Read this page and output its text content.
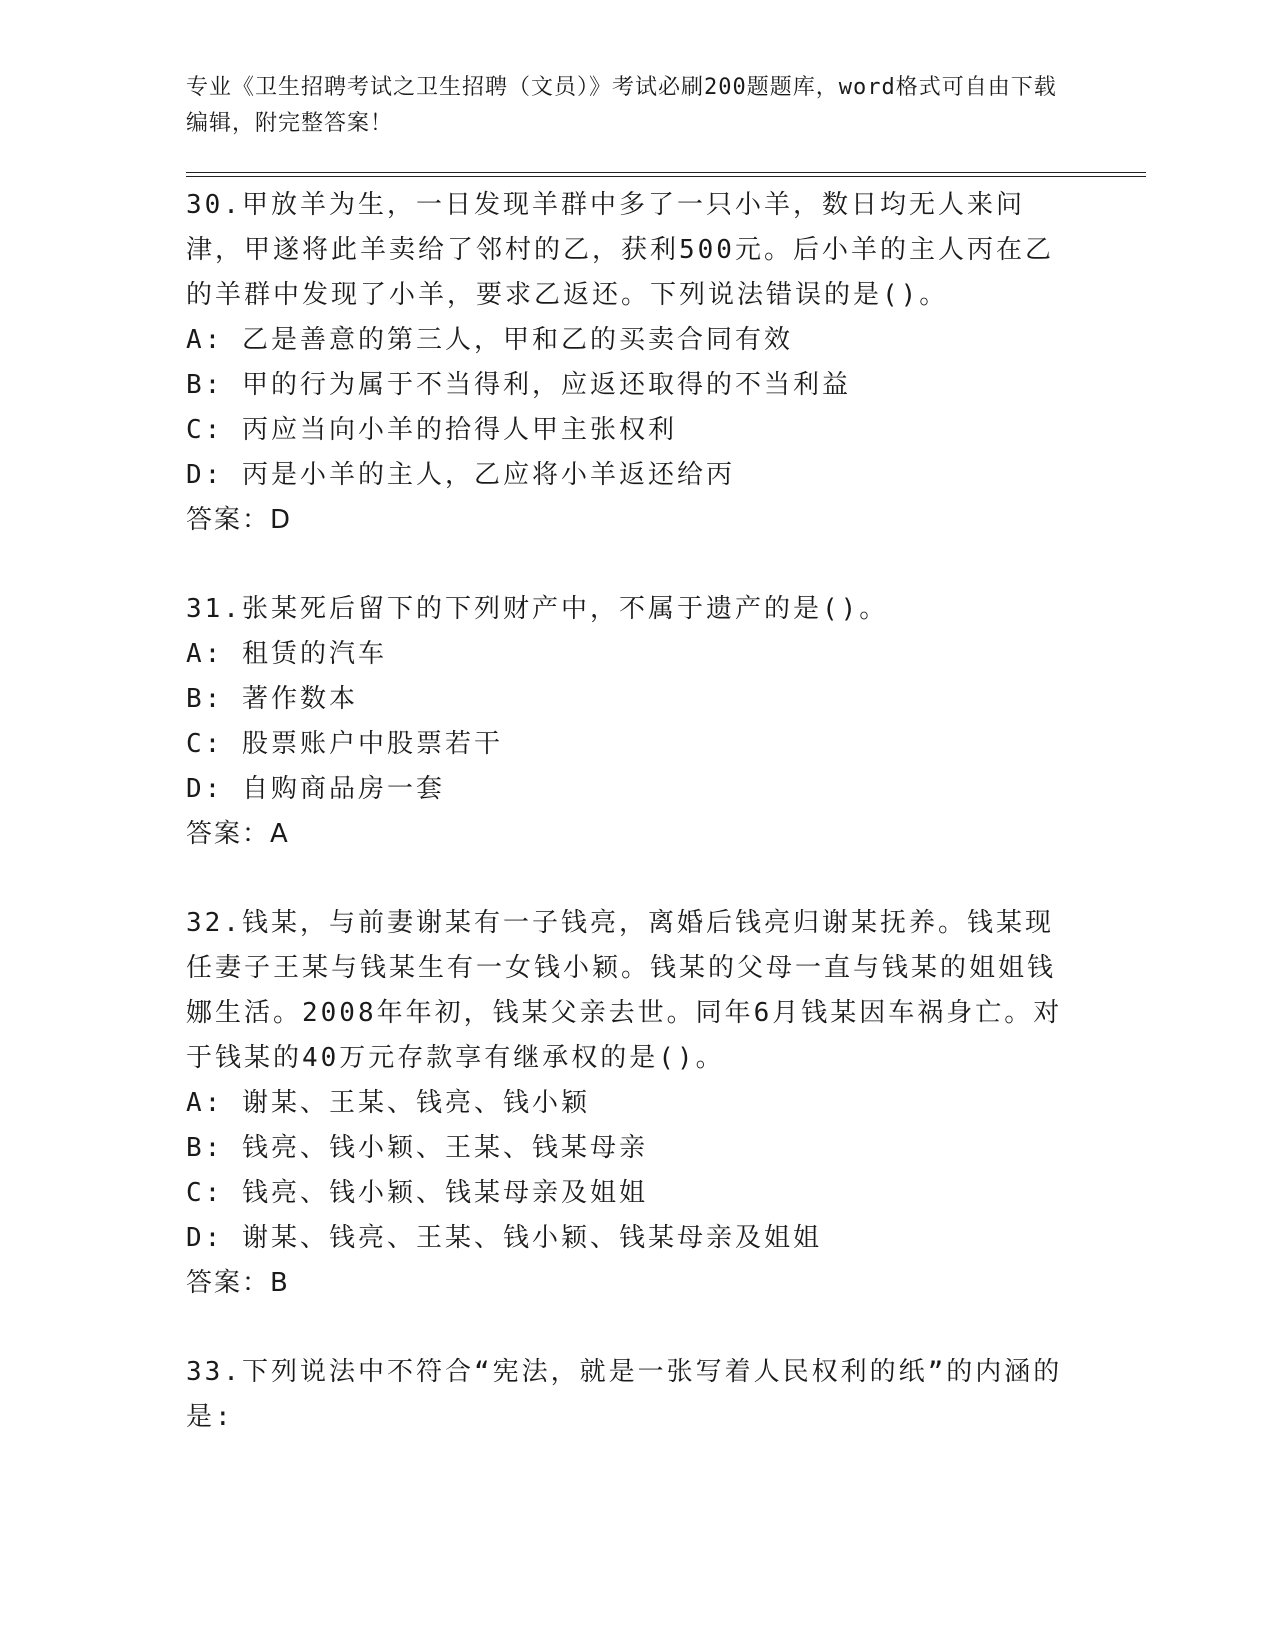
专业《卫生招聘考试之卫生招聘（文员）》考试必刷200题题库，word格式可自由下载编辑，附完整答案！

30.甲放羊为生，一日发现羊群中多了一只小羊，数日均无人来问津，甲遂将此羊卖给了邻村的乙，获利500元。后小羊的主人丙在乙的羊群中发现了小羊，要求乙返还。下列说法错误的是()。

A: 乙是善意的第三人，甲和乙的买卖合同有效

B: 甲的行为属于不当得利，应返还取得的不当利益

C: 丙应当向小羊的拾得人甲主张权利

D: 丙是小羊的主人，乙应将小羊返还给丙

答案：D

31.张某死后留下的下列财产中，不属于遗产的是()。

A: 租赁的汽车

B: 著作数本

C: 股票账户中股票若干

D: 自购商品房一套

答案：A

32.钱某，与前妻谢某有一子钱亮，离婚后钱亮归谢某抚养。钱某现任妻子王某与钱某生有一女钱小颖。钱某的父母一直与钱某的姐姐钱娜生活。2008年年初，钱某父亲去世。同年6月钱某因车祸身亡。对于钱某的40万元存款享有继承权的是()。

A: 谢某、王某、钱亮、钱小颖

B: 钱亮、钱小颖、王某、钱某母亲

C: 钱亮、钱小颖、钱某母亲及姐姐

D: 谢某、钱亮、王某、钱小颖、钱某母亲及姐姐

答案：B

33.下列说法中不符合“宪法，就是一张写着人民权利的纸”的内涵的是:
